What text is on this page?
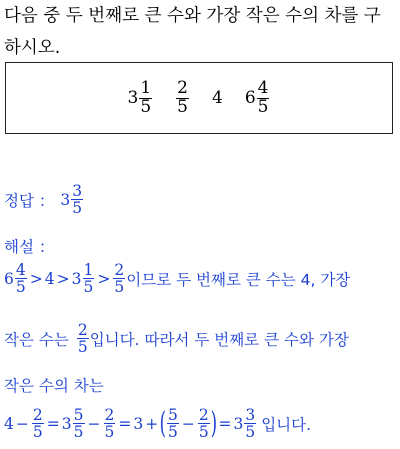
다음 중 두 번째로 큰 수와 가장 작은 수의 차를 구
하시오.
$3 \frac{1}{5} \frac{2}{5} 4$ $6 \frac{4}{5}$
정답 ： $3 \frac{3}{5}$
해설 ：
$6 \frac{4}{5} > 4 > 3 \frac{1}{5} > \frac{2}{5}$ 이므로 두 번째로 큰 수는 4, 가장
작은 수는 $\frac{2}{5}$ 입니다. 따라서 두 번째로 큰 수와 가장
작은 수의 차는
$4 - \frac{2}{5} = 3 \frac{5}{5} - \frac{2}{5} = 3$ + ( $\frac{5}{5} - \frac{2}{5}$ ) = $3 \frac{3}{5}$ 입니다.
